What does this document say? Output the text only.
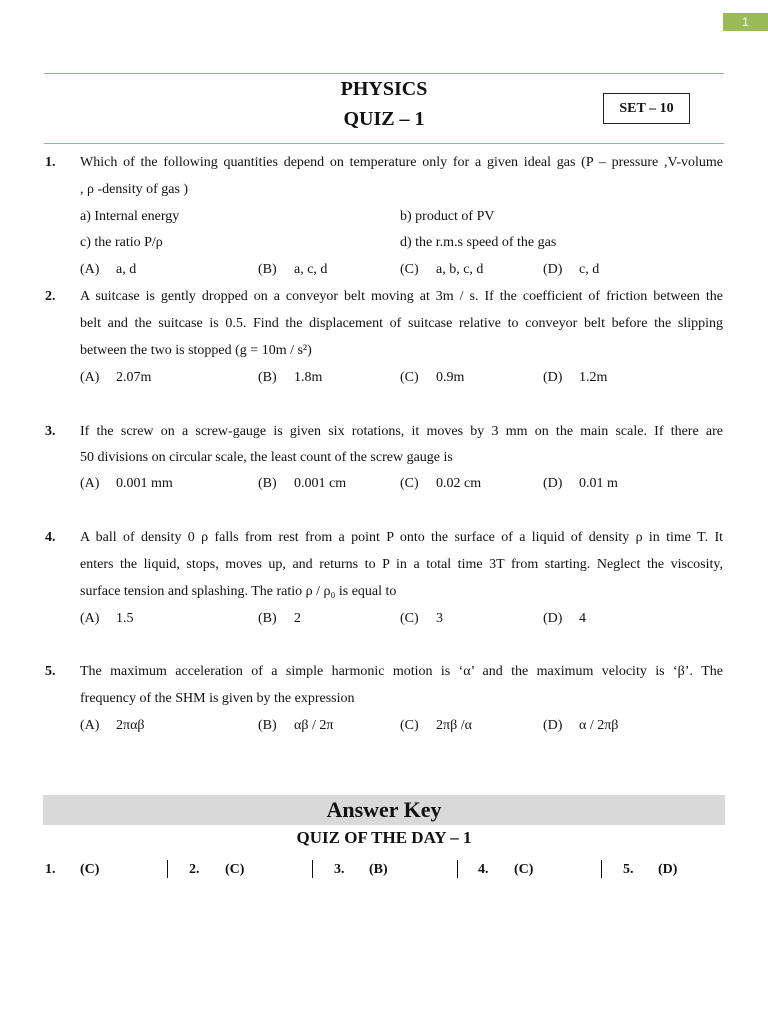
1
PHYSICS
QUIZ – 1	SET – 10
1. Which of the following quantities depend on temperature only for a given ideal gas (P – pressure ,V-volume
, ρ -density of gas )
a) Internal energy	b) product of PV
c) the ratio P/ρ	d) the r.m.s speed of the gas
(A) a, d	(B) a, c, d	(C) a, b, c, d	(D) c, d
2. A suitcase is gently dropped on a conveyor belt moving at 3m / s. If the coefficient of friction between the
belt and the suitcase is 0.5. Find the displacement of suitcase relative to conveyor belt before the slipping
between the two is stopped (g = 10m / s²)
(A) 2.07m	(B) 1.8m	(C) 0.9m	(D) 1.2m
3. If the screw on a screw-gauge is given six rotations, it moves by 3 mm on the main scale. If there are
50 divisions on circular scale, the least count of the screw gauge is
(A) 0.001 mm	(B) 0.001 cm	(C) 0.02 cm	(D) 0.01 m
4. A ball of density 0 ρ falls from rest from a point P onto the surface of a liquid of density ρ in time T. It
enters the liquid, stops, moves up, and returns to P in a total time 3T from starting. Neglect the viscosity,
surface tension and splashing. The ratio ρ / ρ₀ is equal to
(A) 1.5	(B) 2	(C) 3	(D) 4
5. The maximum acceleration of a simple harmonic motion is ‘α’ and the maximum velocity is ‘β’. The
frequency of the SHM is given by the expression
(A) 2παβ	(B) αβ / 2π	(C) 2πβ /α	(D) α / 2πβ
Answer Key
QUIZ OF THE DAY – 1
1. (C)	2. (C)	3. (B)	4. (C)	5. (D)
